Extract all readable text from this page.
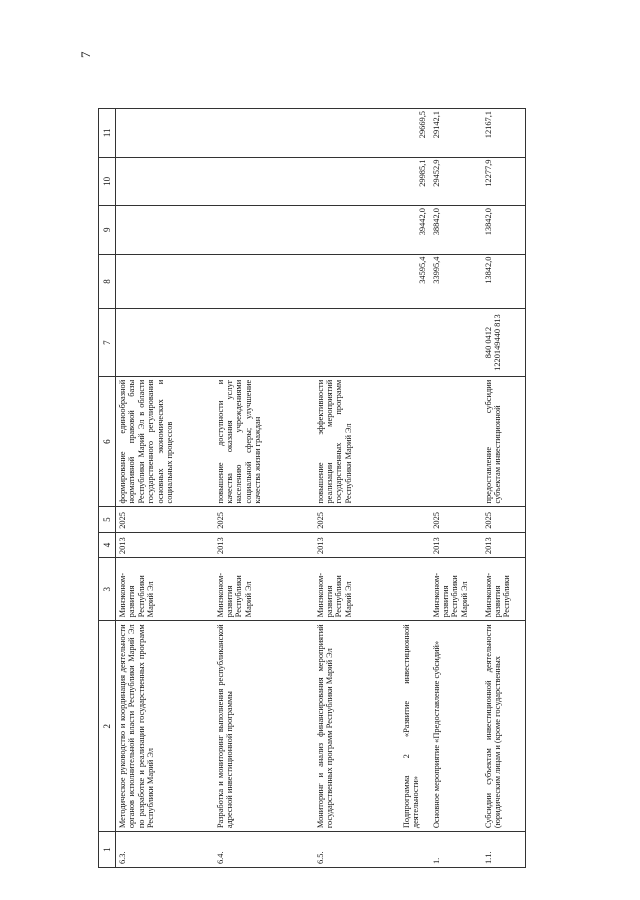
7
1	2	3	4	5	6	7	8	9	10	11
6.3.	Методическое руководство и координация деятельности органов исполнительной власти Республики Марий Эл по разработке и реализации государственных программ Республики Марий Эл	Минэконом-развития Республики Марий Эл	2013	2025	формирование единообразной нормативной правовой базы Республики Марий Эл в области государственного регулирования основных экономических и социальных процессов					
6.4.	Разработка и мониторинг выполнения республиканской адресной инвестиционной программы	Минэконом-развития Республики Марий Эл	2013	2025	повышение доступности и качества оказания услуг населению учреждениями социальной сферы; улучшение качества жизни граждан					
6.5.	Мониторинг и анализ финансирования мероприятий государственных программ Республики Марий Эл	Минэконом-развития Республики Марий Эл	2013	2025	повышение эффективности реализации мероприятий государственных программ Республики Марий Эл					
	Подпрограмма 2 «Развитие инвестиционной деятельности»						34595,4	39442,0	29985,1	29669,5
1.	Основное мероприятие «Предоставление субсидий»	Минэконом-развития Республики Марий Эл	2013	2025			33995,4	38842,0	29452,9	29142,1
1.1.	Субсидии субъектам инвестиционной деятельности (юридическим лицам и (кроме государственных	Минэконом-развития Республики	2013	2025	предоставление субсидии субъектам инвестиционной	840 0412 1220149440 813	13842,0	13842,0	12277,9	12167,1
